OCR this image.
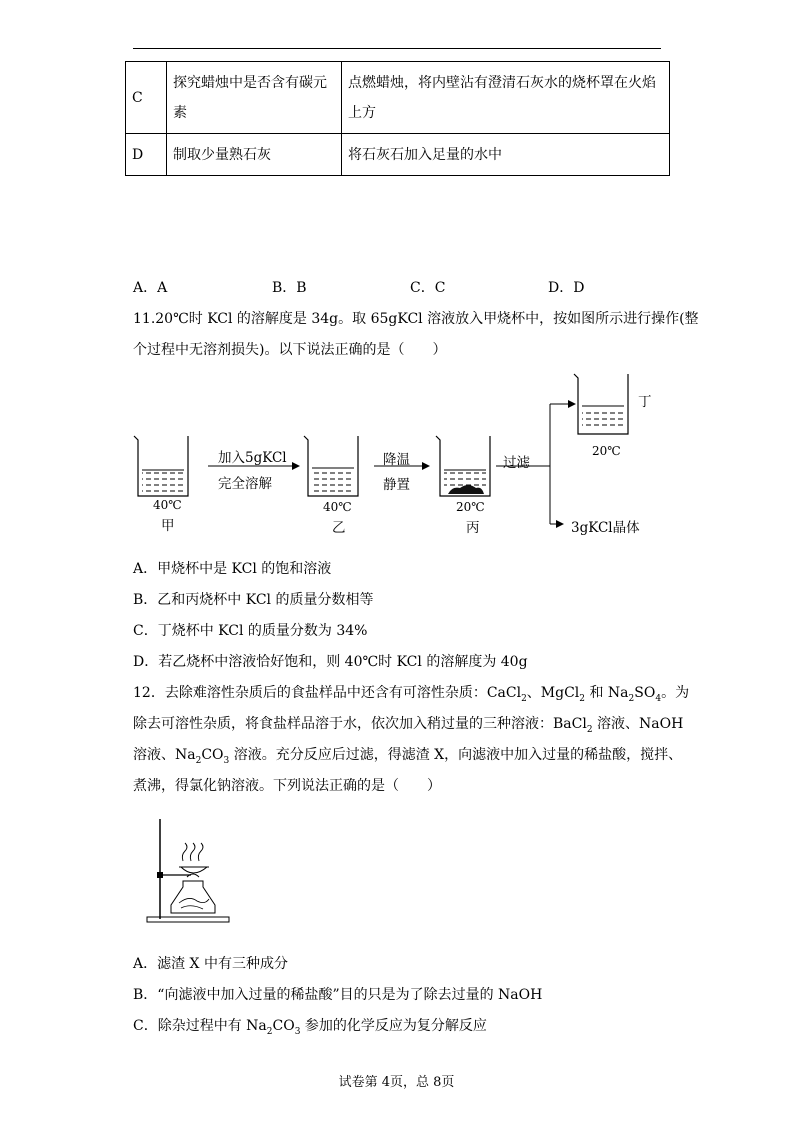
C	探究蜡烛中是否含有碳元素	点燃蜡烛，将内壁沾有澄清石灰水的烧杯罩在火焰上方
D	制取少量熟石灰	将石灰石加入足量的水中
A．A	B．B	C．C	D．D
11.20℃时 KCl 的溶解度是 34g。取 65gKCl 溶液放入甲烧杯中，按如图所示进行操作(整
个过程中无溶剂损失)。以下说法正确的是（　　）
加入5gKCl
完全溶解
降温
静置
过滤
40℃
甲
40℃
乙
20℃
丙
20℃
丁
3gKCl晶体
A．甲烧杯中是 KCl 的饱和溶液
B．乙和丙烧杯中 KCl 的质量分数相等
C．丁烧杯中 KCl 的质量分数为 34%
D．若乙烧杯中溶液恰好饱和，则 40℃时 KCl 的溶解度为 40g
12．去除难溶性杂质后的食盐样品中还含有可溶性杂质：CaCl$_2$、MgCl$_2$ 和 $Na_2SO_4$。为
除去可溶性杂质，将食盐样品溶于水，依次加入稍过量的三种溶液：BaCl$_2$ 溶液、NaOH
溶液、$Na_2CO_3$ 溶液。充分反应后过滤，得滤渣 X，向滤液中加入过量的稀盐酸，搅拌、
煮沸，得氯化钠溶液。下列说法正确的是（　　）
A．滤渣 X 中有三种成分
B．“向滤液中加入过量的稀盐酸”目的只是为了除去过量的 NaOH
C．除杂过程中有 $Na_2CO_3$ 参加的化学反应为复分解反应
试卷第 4页，总 8页
